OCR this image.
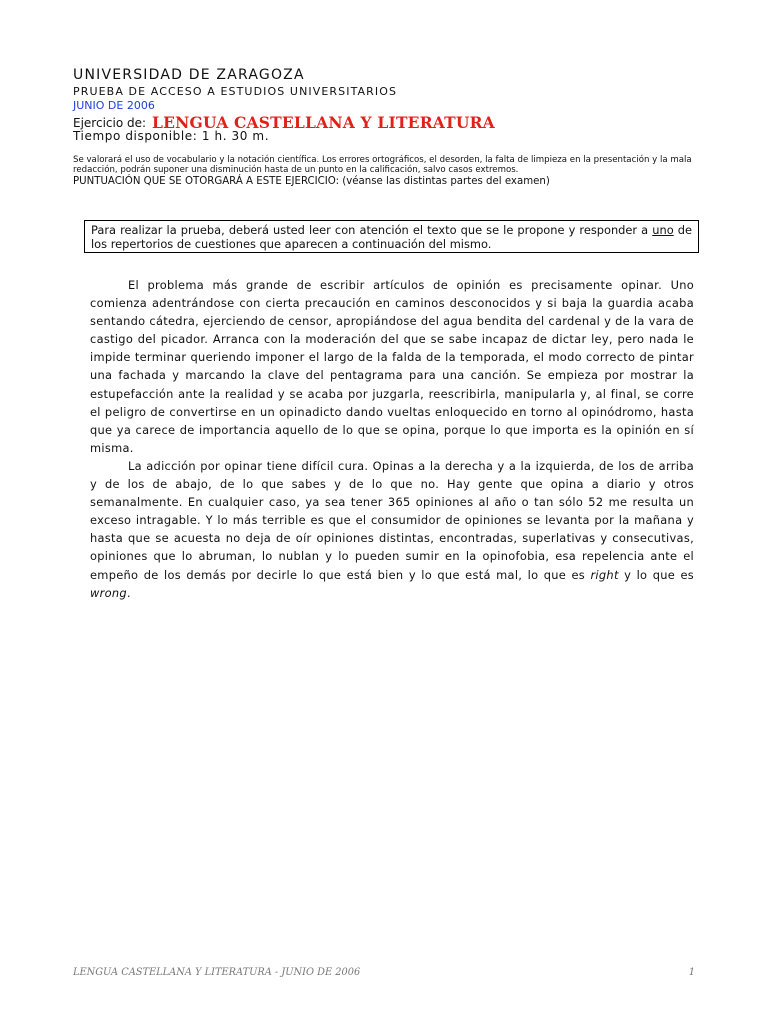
UNIVERSIDAD DE ZARAGOZA
PRUEBA DE ACCESO A ESTUDIOS UNIVERSITARIOS
JUNIO DE 2006
Ejercicio de: LENGUA CASTELLANA Y LITERATURA
Tiempo disponible: 1 h. 30 m.
Se valorará el uso de vocabulario y la notación científica. Los errores ortográficos, el desorden, la falta de limpieza en la presentación y la mala redacción, podrán suponer una disminución hasta de un punto en la calificación, salvo casos extremos.
PUNTUACIÓN QUE SE OTORGARÁ A ESTE EJERCICIO: (véanse las distintas partes del examen)
Para realizar la prueba, deberá usted leer con atención el texto que se le propone y responder a uno de los repertorios de cuestiones que aparecen a continuación del mismo.

El problema más grande de escribir artículos de opinión es precisamente opinar. Uno comienza adentrándose con cierta precaución en caminos desconocidos y si baja la guardia acaba sentando cátedra, ejerciendo de censor, apropiándose del agua bendita del cardenal y de la vara de castigo del picador. Arranca con la moderación del que se sabe incapaz de dictar ley, pero nada le impide terminar queriendo imponer el largo de la falda de la temporada, el modo correcto de pintar una fachada y marcando la clave del pentagrama para una canción. Se empieza por mostrar la estupefacción ante la realidad y se acaba por juzgarla, reescribirla, manipularla y, al final, se corre el peligro de convertirse en un opinadicto dando vueltas enloquecido en torno al opinódromo, hasta que ya carece de importancia aquello de lo que se opina, porque lo que importa es la opinión en sí misma.

La adicción por opinar tiene difícil cura. Opinas a la derecha y a la izquierda, de los de arriba y de los de abajo, de lo que sabes y de lo que no. Hay gente que opina a diario y otros semanalmente. En cualquier caso, ya sea tener 365 opiniones al año o tan sólo 52 me resulta un exceso intragable. Y lo más terrible es que el consumidor de opiniones se levanta por la mañana y hasta que se acuesta no deja de oír opiniones distintas, encontradas, superlativas y consecutivas, opiniones que lo abruman, lo nublan y lo pueden sumir en la opinofobia, esa repelencia ante el empeño de los demás por decirle lo que está bien y lo que está mal, lo que es right y lo que es wrong.

LENGUA CASTELLANA Y LITERATURA - JUNIO DE 2006	1
